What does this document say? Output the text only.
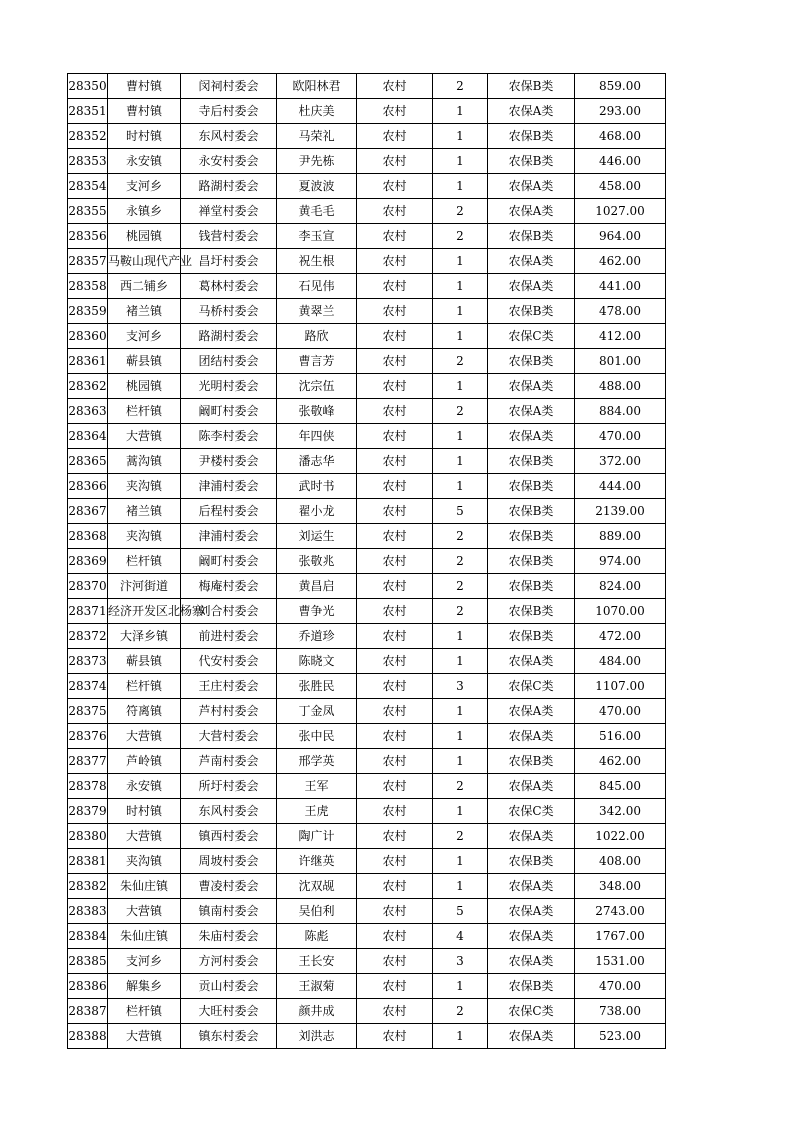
28350	曹村镇	闵祠村委会	欧阳林君	农村	2	农保B类	859.00
28351	曹村镇	寺后村委会	杜庆美	农村	1	农保A类	293.00
28352	时村镇	东风村委会	马荣礼	农村	1	农保B类	468.00
28353	永安镇	永安村委会	尹先栋	农村	1	农保B类	446.00
28354	支河乡	路湖村委会	夏波波	农村	1	农保A类	458.00
28355	永镇乡	禅堂村委会	黄毛毛	农村	2	农保A类	1027.00
28356	桃园镇	钱营村委会	李玉宣	农村	2	农保B类	964.00
28357	马鞍山现代产业	昌圩村委会	祝生根	农村	1	农保A类	462.00
28358	西二铺乡	葛林村委会	石见伟	农村	1	农保A类	441.00
28359	褚兰镇	马桥村委会	黄翠兰	农村	1	农保B类	478.00
28360	支河乡	路湖村委会	路欣	农村	1	农保C类	412.00
28361	蕲县镇	团结村委会	曹言芳	农村	2	农保B类	801.00
28362	桃园镇	光明村委会	沈宗伍	农村	1	农保A类	488.00
28363	栏杆镇	阚町村委会	张敬峰	农村	2	农保A类	884.00
28364	大营镇	陈李村委会	年四侠	农村	1	农保A类	470.00
28365	蒿沟镇	尹楼村委会	潘志华	农村	1	农保B类	372.00
28366	夹沟镇	津浦村委会	武时书	农村	1	农保B类	444.00
28367	褚兰镇	后程村委会	翟小龙	农村	5	农保B类	2139.00
28368	夹沟镇	津浦村委会	刘运生	农村	2	农保B类	889.00
28369	栏杆镇	阚町村委会	张敬兆	农村	2	农保B类	974.00
28370	汴河街道	梅庵村委会	黄昌启	农村	2	农保B类	824.00
28371	经济开发区北杨寨	刘合村委会	曹争光	农村	2	农保B类	1070.00
28372	大泽乡镇	前进村委会	乔道珍	农村	1	农保B类	472.00
28373	蕲县镇	代安村委会	陈晓文	农村	1	农保A类	484.00
28374	栏杆镇	王庄村委会	张胜民	农村	3	农保C类	1107.00
28375	符离镇	芦村村委会	丁金凤	农村	1	农保A类	470.00
28376	大营镇	大营村委会	张中民	农村	1	农保A类	516.00
28377	芦岭镇	芦南村委会	邢学英	农村	1	农保B类	462.00
28378	永安镇	所圩村委会	王军	农村	2	农保A类	845.00
28379	时村镇	东风村委会	王虎	农村	1	农保C类	342.00
28380	大营镇	镇西村委会	陶广计	农村	2	农保A类	1022.00
28381	夹沟镇	周坡村委会	许继英	农村	1	农保B类	408.00
28382	朱仙庄镇	曹凌村委会	沈双觇	农村	1	农保A类	348.00
28383	大营镇	镇南村委会	吴伯利	农村	5	农保A类	2743.00
28384	朱仙庄镇	朱庙村委会	陈彪	农村	4	农保A类	1767.00
28385	支河乡	方河村委会	王长安	农村	3	农保A类	1531.00
28386	解集乡	贡山村委会	王淑菊	农村	1	农保B类	470.00
28387	栏杆镇	大旺村委会	颜井成	农村	2	农保C类	738.00
28388	大营镇	镇东村委会	刘洪志	农村	1	农保A类	523.00
